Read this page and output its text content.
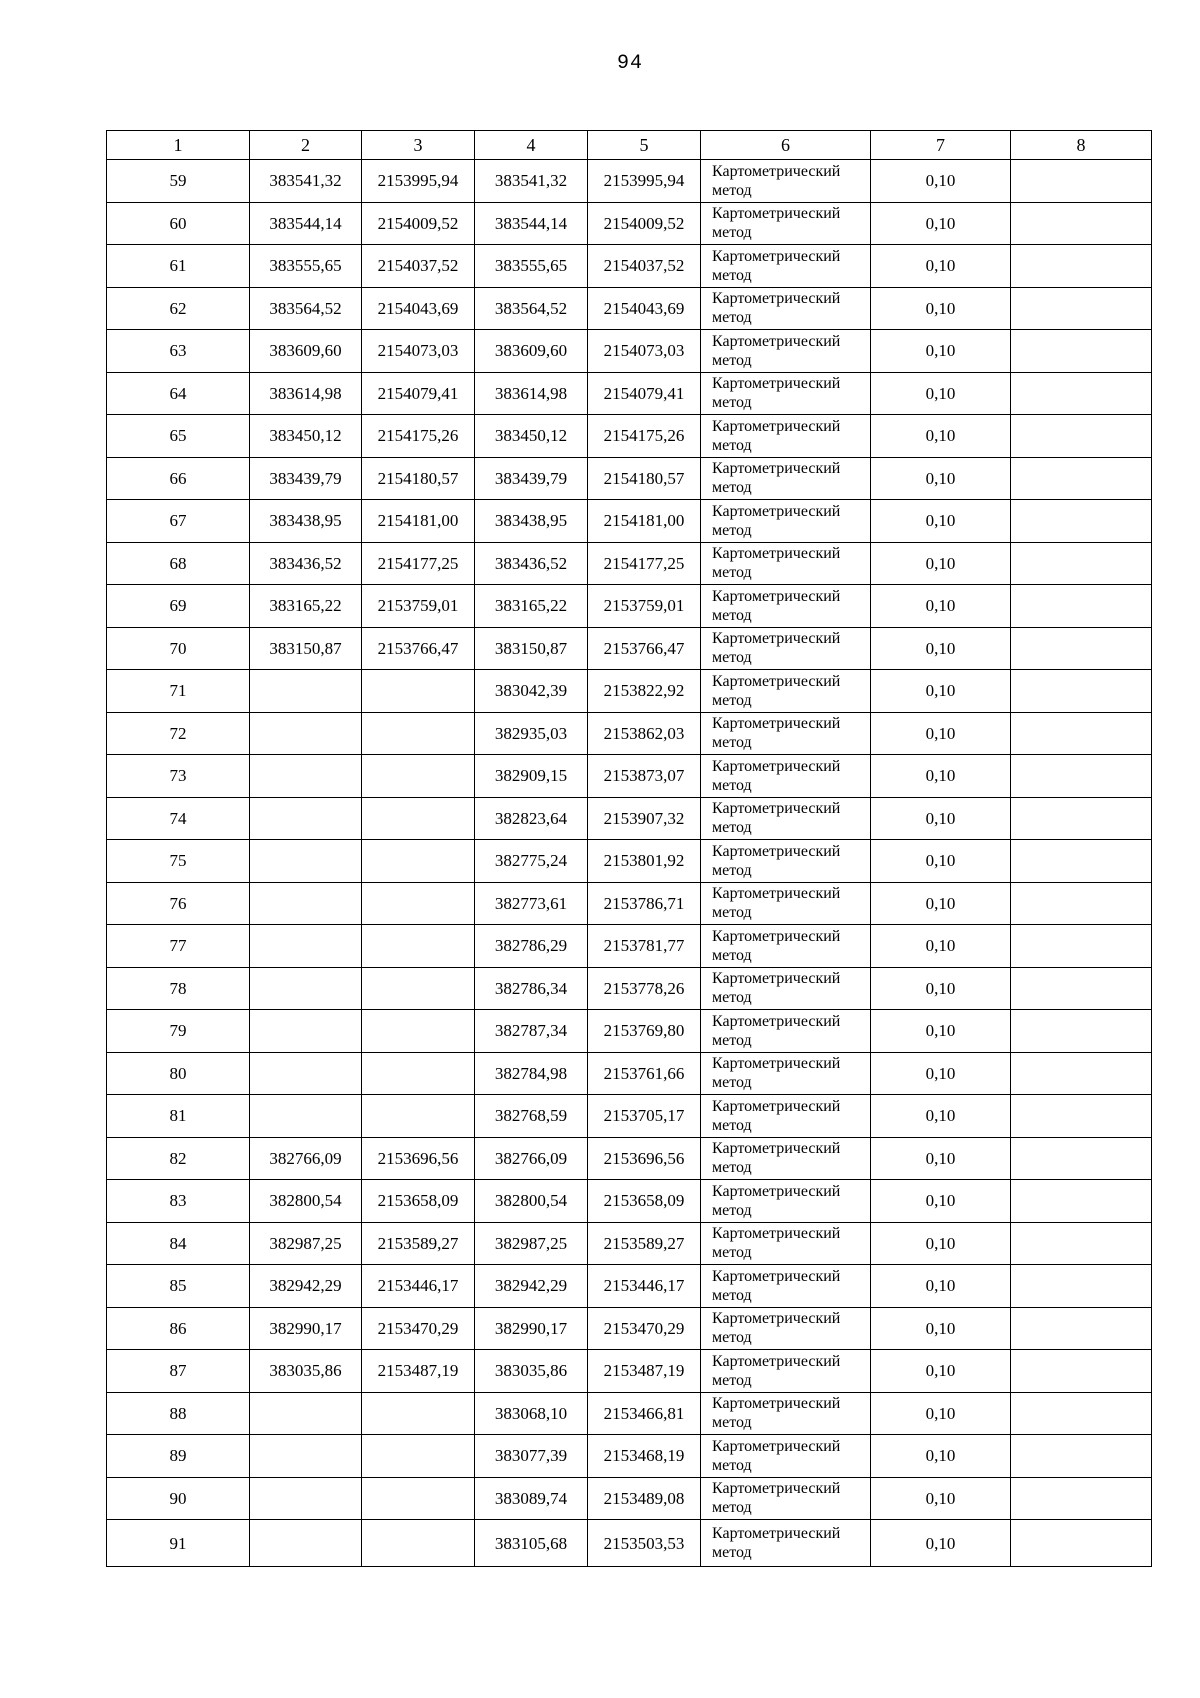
94
1	2	3	4	5	6	7	8
59	383541,32	2153995,94	383541,32	2153995,94	Картометрический метод	0,10	
60	383544,14	2154009,52	383544,14	2154009,52	Картометрический метод	0,10	
61	383555,65	2154037,52	383555,65	2154037,52	Картометрический метод	0,10	
62	383564,52	2154043,69	383564,52	2154043,69	Картометрический метод	0,10	
63	383609,60	2154073,03	383609,60	2154073,03	Картометрический метод	0,10	
64	383614,98	2154079,41	383614,98	2154079,41	Картометрический метод	0,10	
65	383450,12	2154175,26	383450,12	2154175,26	Картометрический метод	0,10	
66	383439,79	2154180,57	383439,79	2154180,57	Картометрический метод	0,10	
67	383438,95	2154181,00	383438,95	2154181,00	Картометрический метод	0,10	
68	383436,52	2154177,25	383436,52	2154177,25	Картометрический метод	0,10	
69	383165,22	2153759,01	383165,22	2153759,01	Картометрический метод	0,10	
70	383150,87	2153766,47	383150,87	2153766,47	Картометрический метод	0,10	
71			383042,39	2153822,92	Картометрический метод	0,10	
72			382935,03	2153862,03	Картометрический метод	0,10	
73			382909,15	2153873,07	Картометрический метод	0,10	
74			382823,64	2153907,32	Картометрический метод	0,10	
75			382775,24	2153801,92	Картометрический метод	0,10	
76			382773,61	2153786,71	Картометрический метод	0,10	
77			382786,29	2153781,77	Картометрический метод	0,10	
78			382786,34	2153778,26	Картометрический метод	0,10	
79			382787,34	2153769,80	Картометрический метод	0,10	
80			382784,98	2153761,66	Картометрический метод	0,10	
81			382768,59	2153705,17	Картометрический метод	0,10	
82	382766,09	2153696,56	382766,09	2153696,56	Картометрический метод	0,10	
83	382800,54	2153658,09	382800,54	2153658,09	Картометрический метод	0,10	
84	382987,25	2153589,27	382987,25	2153589,27	Картометрический метод	0,10	
85	382942,29	2153446,17	382942,29	2153446,17	Картометрический метод	0,10	
86	382990,17	2153470,29	382990,17	2153470,29	Картометрический метод	0,10	
87	383035,86	2153487,19	383035,86	2153487,19	Картометрический метод	0,10	
88			383068,10	2153466,81	Картометрический метод	0,10	
89			383077,39	2153468,19	Картометрический метод	0,10	
90			383089,74	2153489,08	Картометрический метод	0,10	
91			383105,68	2153503,53	Картометрический метод	0,10	
